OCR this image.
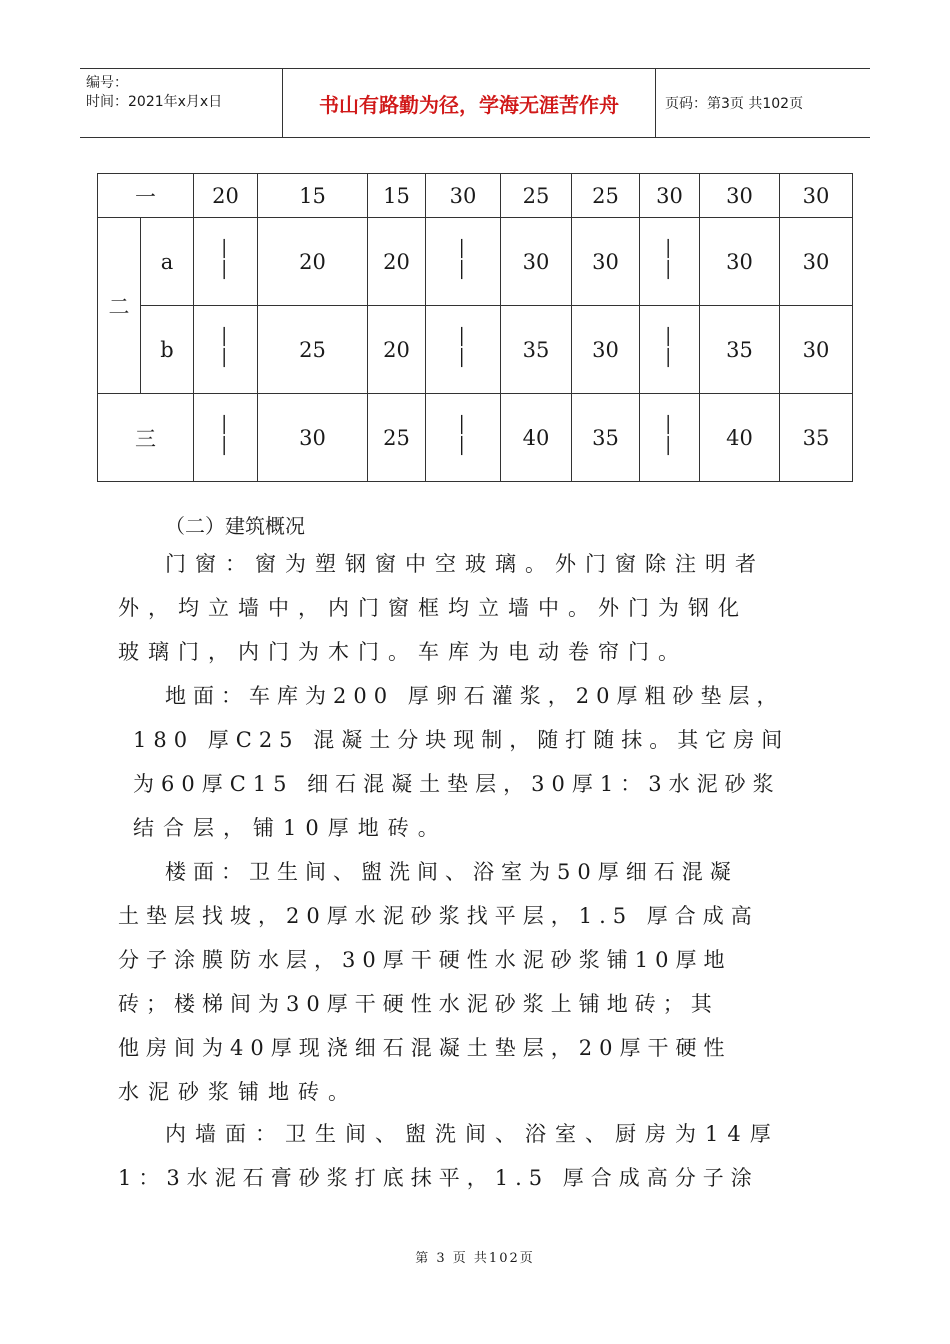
编号：
时间：2021年x月x日	书山有路勤为径，学海无涯苦作舟	页码：第3页 共102页
一		20	15	15	30	25	25	30	30	30
二	a	——	20	20	——	30	30	——	30	30
	b	——	25	20	——	35	30	——	35	30
三		——	30	25	——	40	35	——	40	35
（二）建筑概况
门窗：窗为塑钢窗中空玻璃。外门窗除注明者
外，均立墙中，内门窗框均立墙中。外门为钢化
玻璃门，内门为木门。车库为电动卷帘门。
地面：车库为200 厚卵石灌浆，20厚粗砂垫层，
180 厚C25 混凝土分块现制，随打随抹。其它房间
为60厚C15 细石混凝土垫层，30厚1：3水泥砂浆
结合层，铺10厚地砖。
楼面：卫生间、盥洗间、浴室为50厚细石混凝
土垫层找坡，20厚水泥砂浆找平层，1.5 厚合成高
分子涂膜防水层，30厚干硬性水泥砂浆铺10厚地
砖；楼梯间为30厚干硬性水泥砂浆上铺地砖；其
他房间为40厚现浇细石混凝土垫层，20厚干硬性
水泥砂浆铺地砖。
内墙面：卫生间、盥洗间、浴室、厨房为14厚
1：3水泥石膏砂浆打底抹平，1.5 厚合成高分子涂
第 3 页 共102页
